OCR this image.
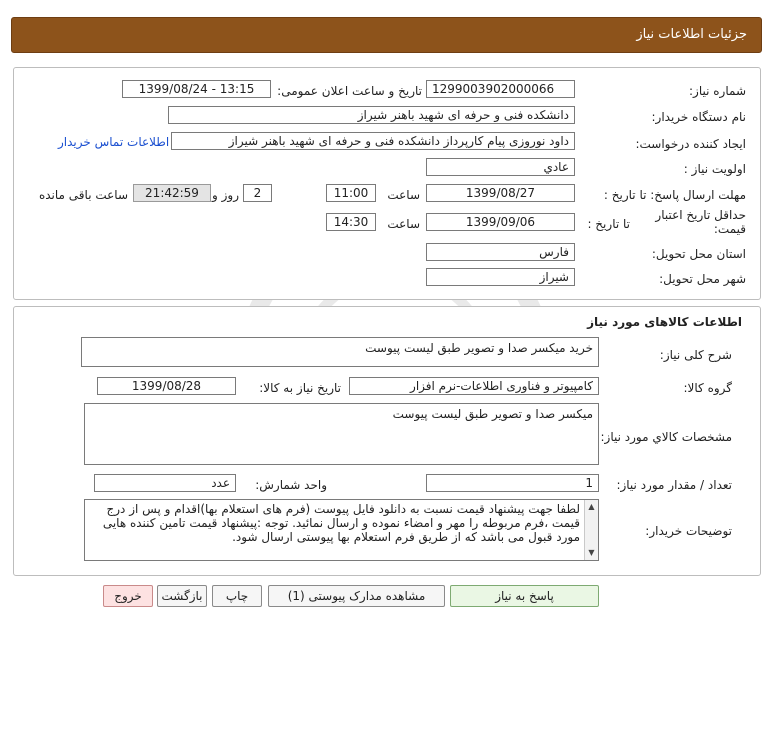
جزئیات اطلاعات نیاز
شماره نیاز:
1299003902000066
تاریخ و ساعت اعلان عمومی:
1399/08/24 - 13:15
نام دستگاه خریدار:
دانشکده فنی و حرفه ای شهید باهنر شیراز
ایجاد کننده درخواست:
داود نوروزی پیام کارپرداز دانشکده فنی و حرفه ای شهید باهنر شیراز
اطلاعات تماس خریدار
اولویت نیاز :
عادي
مهلت ارسال پاسخ: تا تاریخ :
1399/08/27
ساعت
11:00
2
روز و
21:42:59
ساعت باقی مانده
حداقل تاریخ اعتبار قیمت:
تا تاریخ :
1399/09/06
ساعت
14:30
استان محل تحویل:
فارس
شهر محل تحویل:
شیراز
اطلاعات کالاهای مورد نیاز
شرح کلی نیاز:
خرید میکسر صدا و تصویر طبق لیست پیوست
گروه کالا:
کامپیوتر و فناوری اطلاعات-نرم افزار
تاریخ نیاز به کالا:
1399/08/28
مشخصات کالاي مورد نیاز:
میکسر صدا و تصویر طبق لیست پیوست
تعداد / مقدار مورد نیاز:
1
واحد شمارش:
عدد
توضیحات خریدار:
لطفا جهت پیشنهاد قیمت نسبت به دانلود فایل پیوست (فرم های استعلام بها)اقدام و پس از درج قیمت ،فرم مربوطه را مهر و امضاء نموده و ارسال نمائید. توجه :پیشنهاد قیمت تامین کننده هایی مورد قبول می باشد که از طریق فرم استعلام بها پیوستی ارسال شود.
▲
▼
پاسخ به نیاز
مشاهده مدارک پیوستی (1)
چاپ
بازگشت
خروج
